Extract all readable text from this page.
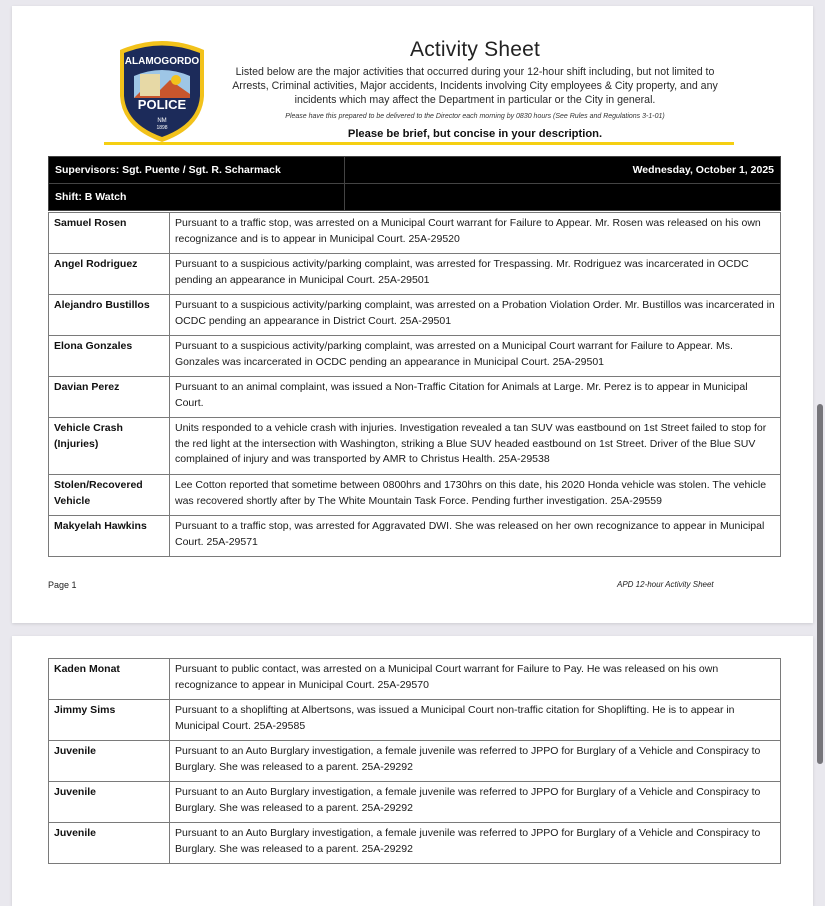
ALAMOGORDO
POLICE
NM
1898
Activity Sheet
Listed below are the major activities that occurred during your 12-hour shift including, but not limited to Arrests, Criminal activities, Major accidents, Incidents involving City employees & City property, and any incidents which may affect the Department in particular or the City in general.
Please have this prepared to be delivered to the Director each morning by 0830 hours (See Rules and Regulations 3-1-01)
Please be brief, but concise in your description.
Supervisors: Sgt. Puente / Sgt. R. Scharmack	Wednesday, October 1, 2025
Shift: B Watch	
Samuel Rosen	Pursuant to a traffic stop, was arrested on a Municipal Court warrant for Failure to Appear. Mr. Rosen was released on his own recognizance and is to appear in Municipal Court. 25A-29520
Angel Rodriguez	Pursuant to a suspicious activity/parking complaint, was arrested for Trespassing. Mr. Rodriguez was incarcerated in OCDC pending an appearance in Municipal Court. 25A-29501
Alejandro Bustillos	Pursuant to a suspicious activity/parking complaint, was arrested on a Probation Violation Order. Mr. Bustillos was incarcerated in OCDC pending an appearance in District Court. 25A-29501
Elona Gonzales	Pursuant to a suspicious activity/parking complaint, was arrested on a Municipal Court warrant for Failure to Appear. Ms. Gonzales was incarcerated in OCDC pending an appearance in Municipal Court. 25A-29501
Davian Perez	Pursuant to an animal complaint, was issued a Non-Traffic Citation for Animals at Large. Mr. Perez is to appear in Municipal Court.
Vehicle Crash (Injuries)	Units responded to a vehicle crash with injuries. Investigation revealed a tan SUV was eastbound on 1st Street failed to stop for the red light at the intersection with Washington, striking a Blue SUV headed eastbound on 1st Street. Driver of the Blue SUV complained of injury and was transported by AMR to Christus Health. 25A-29538
Stolen/Recovered Vehicle	Lee Cotton reported that sometime between 0800hrs and 1730hrs on this date, his 2020 Honda vehicle was stolen. The vehicle was recovered shortly after by The White Mountain Task Force. Pending further investigation. 25A-29559
Makyelah Hawkins	Pursuant to a traffic stop, was arrested for Aggravated DWI. She was released on her own recognizance to appear in Municipal Court. 25A-29571
Page 1	APD 12-hour Activity Sheet
Kaden Monat	Pursuant to public contact, was arrested on a Municipal Court warrant for Failure to Pay. He was released on his own recognizance to appear in Municipal Court. 25A-29570
Jimmy Sims	Pursuant to a shoplifting at Albertsons, was issued a Municipal Court non-traffic citation for Shoplifting. He is to appear in Municipal Court. 25A-29585
Juvenile	Pursuant to an Auto Burglary investigation, a female juvenile was referred to JPPO for Burglary of a Vehicle and Conspiracy to Burglary. She was released to a parent. 25A-29292
Juvenile	Pursuant to an Auto Burglary investigation, a female juvenile was referred to JPPO for Burglary of a Vehicle and Conspiracy to Burglary. She was released to a parent. 25A-29292
Juvenile	Pursuant to an Auto Burglary investigation, a female juvenile was referred to JPPO for Burglary of a Vehicle and Conspiracy to Burglary. She was released to a parent. 25A-29292
